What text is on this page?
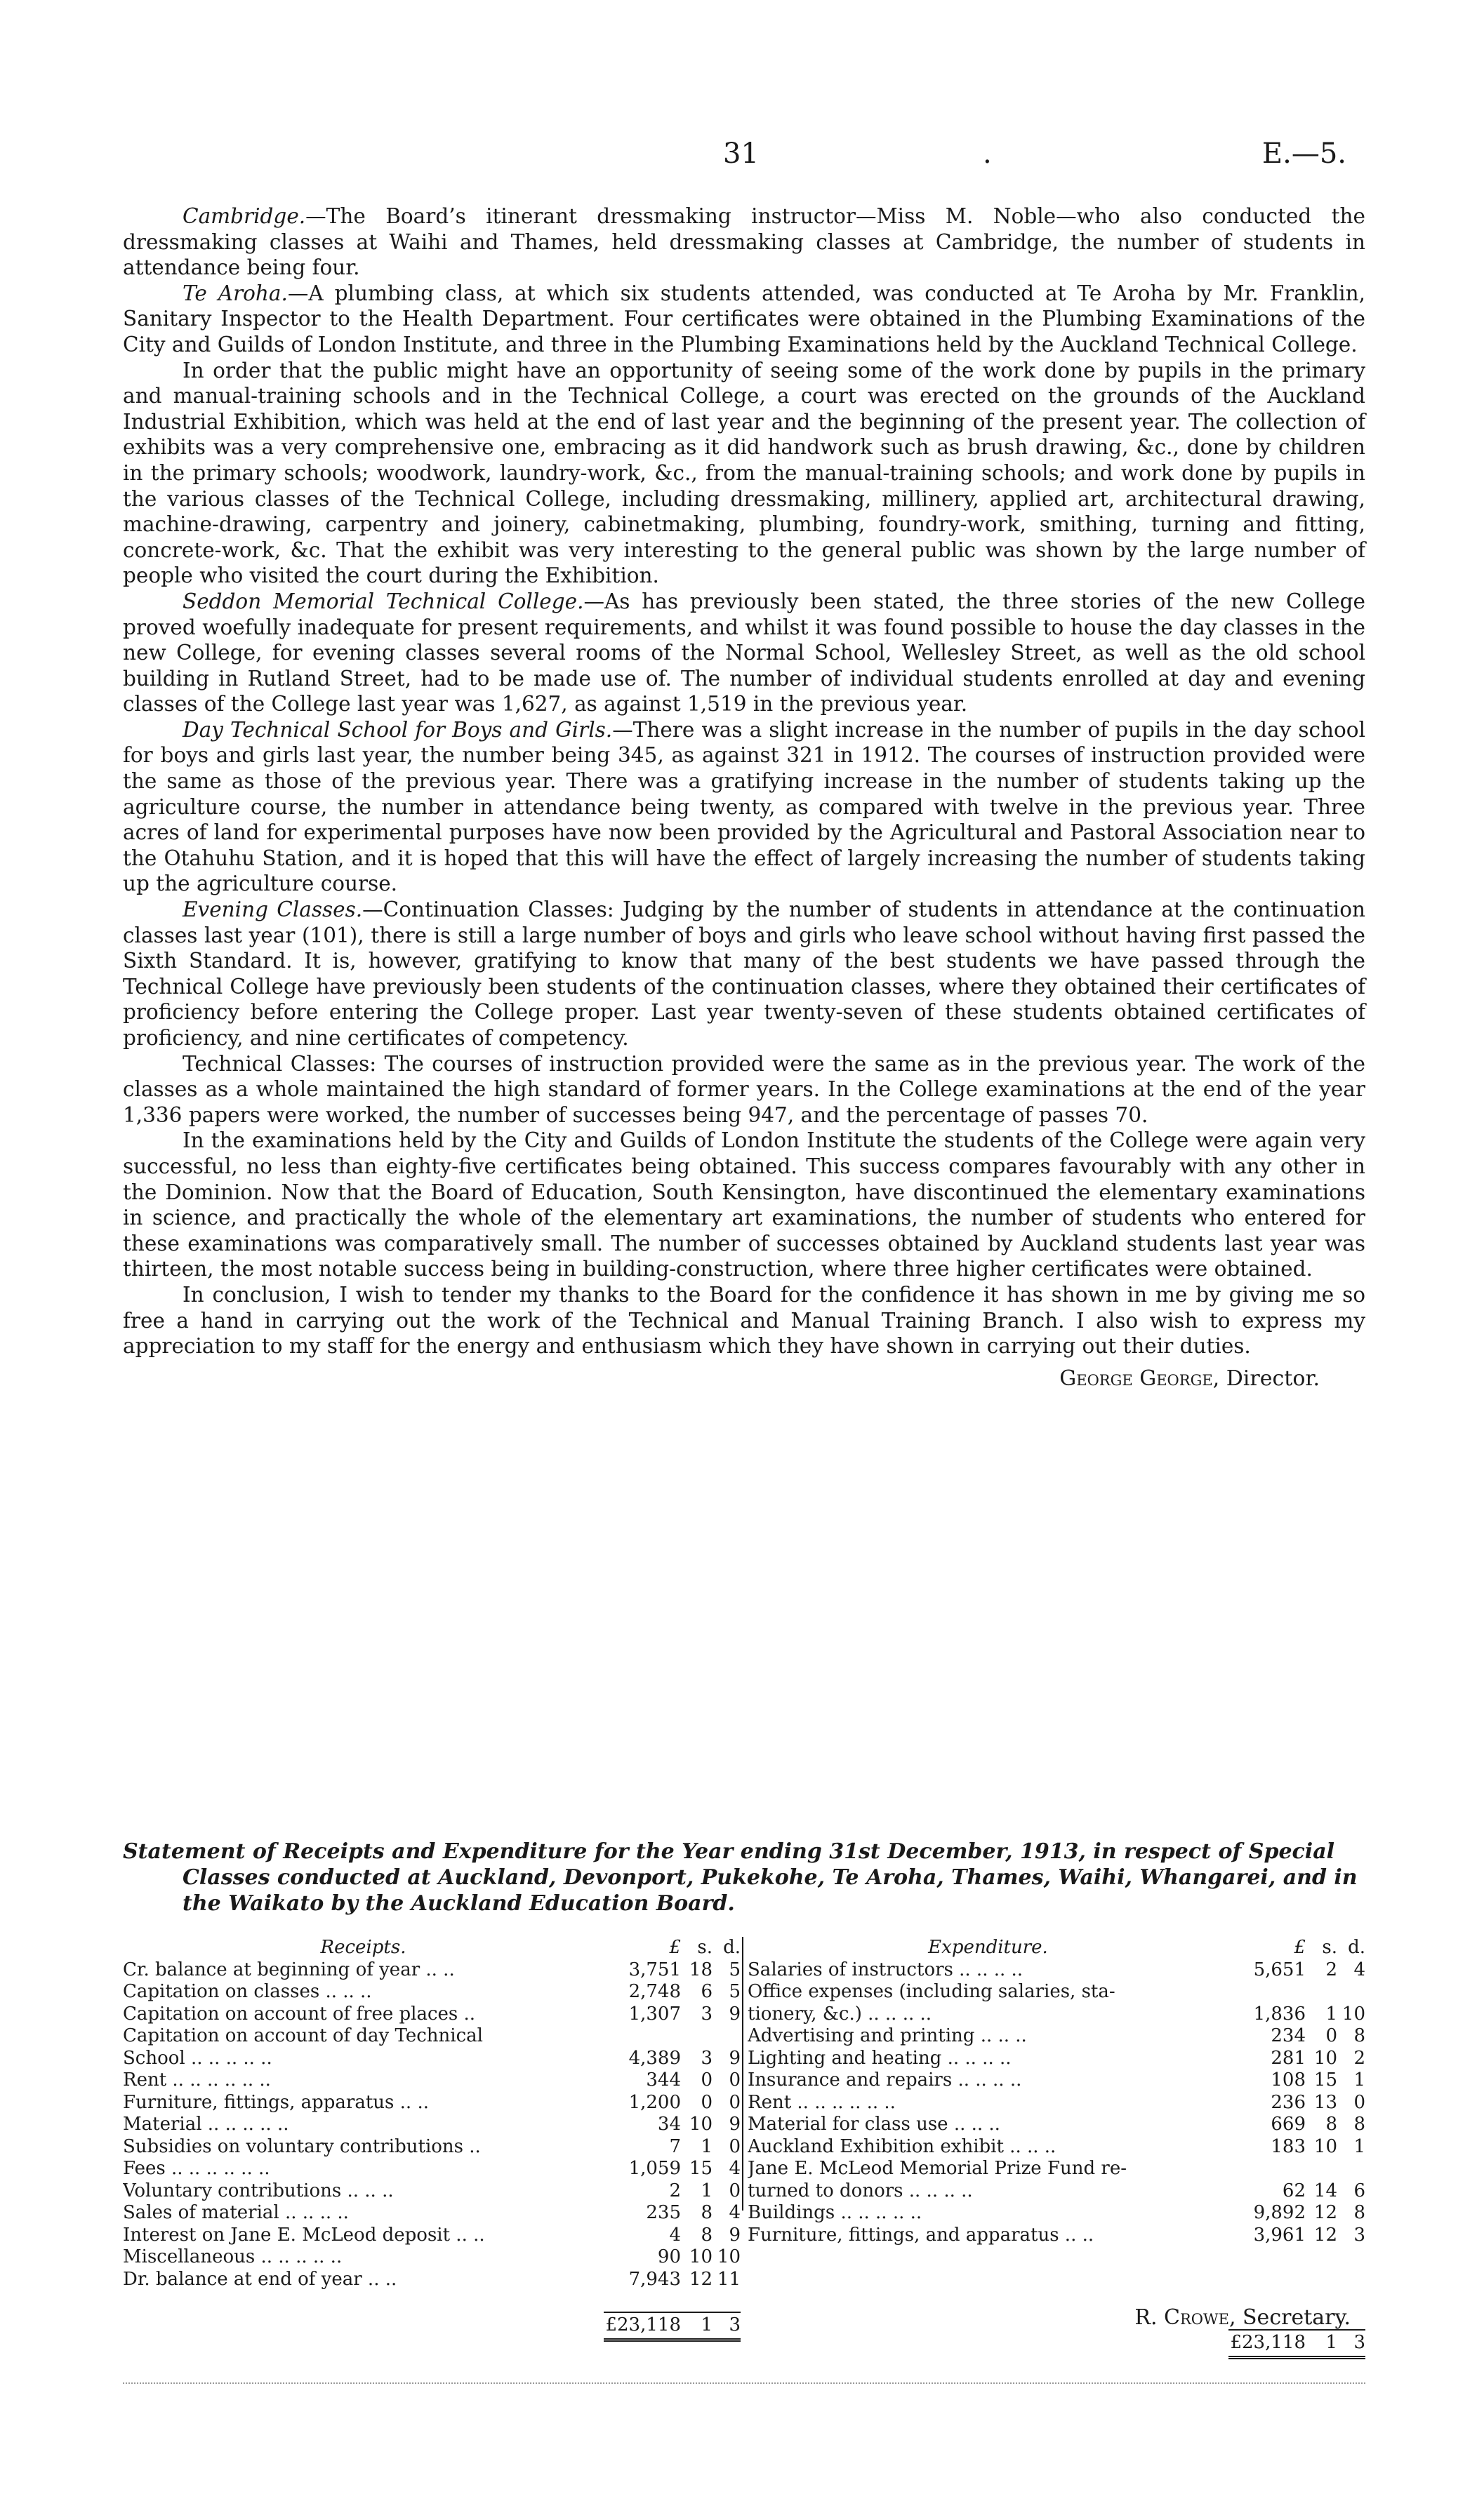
31	.	E.—5.

Cambridge.—The Board’s itinerant dressmaking instructor—Miss M. Noble—who also conducted the dressmaking classes at Waihi and Thames, held dressmaking classes at Cambridge, the number of students in attendance being four.

Te Aroha.—A plumbing class, at which six students attended, was conducted at Te Aroha by Mr. Franklin, Sanitary Inspector to the Health Department. Four certificates were obtained in the Plumbing Examinations of the City and Guilds of London Institute, and three in the Plumbing Examinations held by the Auckland Technical College.

In order that the public might have an opportunity of seeing some of the work done by pupils in the primary and manual-training schools and in the Technical College, a court was erected on the grounds of the Auckland Industrial Exhibition, which was held at the end of last year and the beginning of the present year. The collection of exhibits was a very comprehensive one, embracing as it did handwork such as brush drawing, &c., done by children in the primary schools; woodwork, laundry-work, &c., from the manual-training schools; and work done by pupils in the various classes of the Technical College, including dressmaking, millinery, applied art, architectural drawing, machine-drawing, carpentry and joinery, cabinetmaking, plumbing, foundry-work, smithing, turning and fitting, concrete-work, &c. That the exhibit was very interesting to the general public was shown by the large number of people who visited the court during the Exhibition.

Seddon Memorial Technical College.—As has previously been stated, the three stories of the new College proved woefully inadequate for present requirements, and whilst it was found possible to house the day classes in the new College, for evening classes several rooms of the Normal School, Wellesley Street, as well as the old school building in Rutland Street, had to be made use of. The number of individual students enrolled at day and evening classes of the College last year was 1,627, as against 1,519 in the previous year.

Day Technical School for Boys and Girls.—There was a slight increase in the number of pupils in the day school for boys and girls last year, the number being 345, as against 321 in 1912. The courses of instruction provided were the same as those of the previous year. There was a gratifying increase in the number of students taking up the agriculture course, the number in attendance being twenty, as compared with twelve in the previous year. Three acres of land for experimental purposes have now been provided by the Agricultural and Pastoral Association near to the Otahuhu Station, and it is hoped that this will have the effect of largely increasing the number of students taking up the agriculture course.

Evening Classes.—Continuation Classes: Judging by the number of students in attendance at the continuation classes last year (101), there is still a large number of boys and girls who leave school without having first passed the Sixth Standard. It is, however, gratifying to know that many of the best students we have passed through the Technical College have previously been students of the continuation classes, where they obtained their certificates of proficiency before entering the College proper. Last year twenty-seven of these students obtained certificates of proficiency, and nine certificates of competency.

Technical Classes: The courses of instruction provided were the same as in the previous year. The work of the classes as a whole maintained the high standard of former years. In the College examinations at the end of the year 1,336 papers were worked, the number of successes being 947, and the percentage of passes 70.

In the examinations held by the City and Guilds of London Institute the students of the College were again very successful, no less than eighty-five certificates being obtained. This success compares favourably with any other in the Dominion. Now that the Board of Education, South Kensington, have discontinued the elementary examinations in science, and practically the whole of the elementary art examinations, the number of students who entered for these examinations was comparatively small. The number of successes obtained by Auckland students last year was thirteen, the most notable success being in building-construction, where three higher certificates were obtained.

In conclusion, I wish to tender my thanks to the Board for the confidence it has shown in me by giving me so free a hand in carrying out the work of the Technical and Manual Training Branch. I also wish to express my appreciation to my staff for the energy and enthusiasm which they have shown in carrying out their duties.

George George, Director.

Statement of Receipts and Expenditure for the Year ending 31st December, 1913, in respect of Special Classes conducted at Auckland, Devonport, Pukekohe, Te Aroha, Thames, Waihi, Whangarei, and in the Waikato by the Auckland Education Board.

Receipts.	£ s. d.
Cr. balance at beginning of year .. ..	3,751 18 5
Capitation on classes .. .. ..	2,748	6 5
Capitation on account of free places ..	1,307	3 9
Capitation on account of day Technical
School .. .. .. .. ..	4,389	3 9
Rent .. .. .. .. .. ..	344	0 0
Furniture, fittings, apparatus .. ..	1,200	0 0
Material .. .. .. .. ..	34 10 9
Subsidies on voluntary contributions ..	7	1 0
Fees .. .. .. .. .. ..	1,059 15 4
Voluntary contributions .. .. ..	2	1 0
Sales of material .. .. .. ..	235	8 4
Interest on Jane E. McLeod deposit .. ..	4	8 9
Miscellaneous .. .. .. .. ..	90 10 10
Dr. balance at end of year .. ..	7,943 12 11
£23,118	1 3
Expenditure.	£ s. d.
Salaries of instructors .. .. .. ..	5,651	2 4
Office expenses (including salaries, sta-
tionery, &c.) .. .. .. ..	1,836	1 10
Advertising and printing .. .. ..	234	0 8
Lighting and heating .. .. .. ..	281 10 2
Insurance and repairs .. .. .. ..	108 15 1
Rent .. .. .. .. .. ..	236 13 0
Material for class use .. .. ..	669	8 8
Auckland Exhibition exhibit .. .. ..	183 10 1
Jane E. McLeod Memorial Prize Fund re-
turned to donors .. .. .. ..	62 14 6
Buildings .. .. .. .. ..	9,892 12 8
Furniture, fittings, and apparatus .. ..	3,961 12 3
£23,118	1 3
R. Crowe, Secretary.
